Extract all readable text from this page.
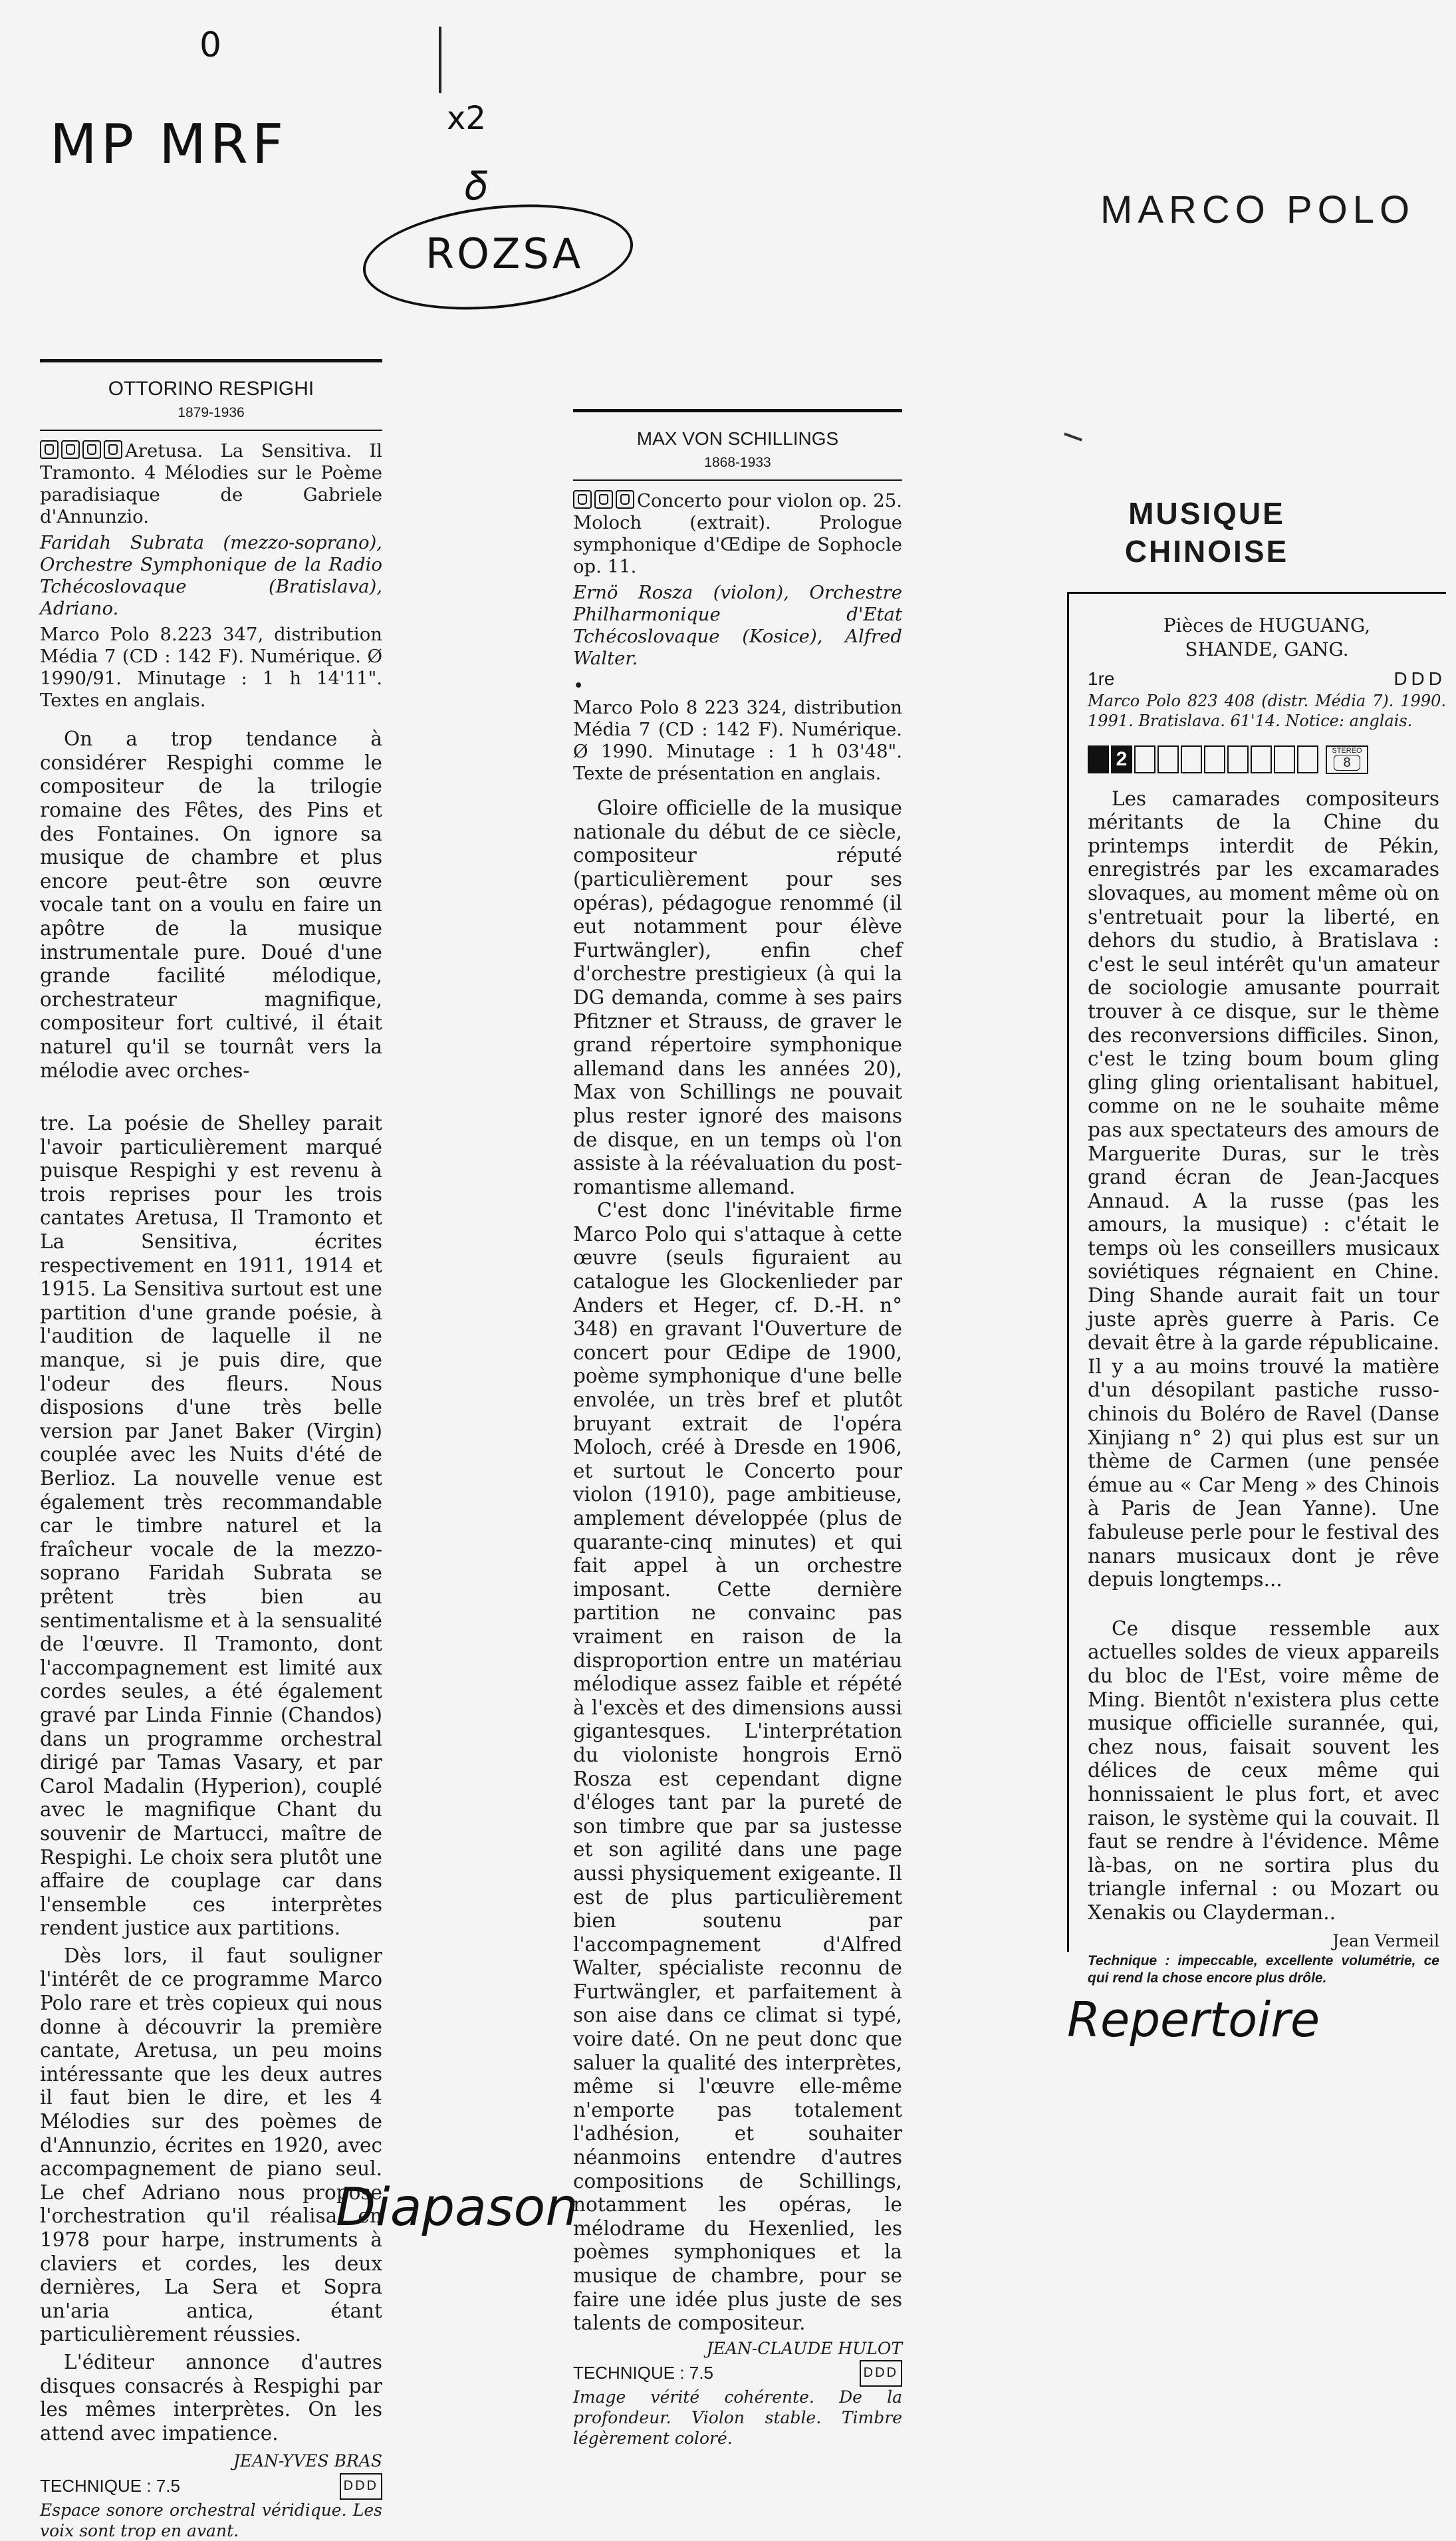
0
MP MRF	x2
𝛿
ROZSA
MARCO POLO
OTTORINO RESPIGHI
1879-1936

Aretusa. La Sensitiva. Il Tramonto. 4 Mélodies sur le Poème paradisiaque de Gabriele d'Annunzio.

Faridah Subrata (mezzo-soprano), Orchestre Symphonique de la Radio Tchécoslovaque (Bratislava), Adriano.

Marco Polo 8.223 347, distribution Média 7 (CD : 142 F). Numérique. Ø 1990/91. Minutage : 1 h 14'11". Textes en anglais.

On a trop tendance à considérer Respighi comme le compositeur de la trilogie romaine des Fêtes, des Pins et des Fontaines. On ignore sa musique de chambre et plus encore peut-être son œuvre vocale tant on a voulu en faire un apôtre de la musique instrumentale pure. Doué d'une grande facilité mélodique, orchestrateur magnifique, compositeur fort cultivé, il était naturel qu'il se tournât vers la mélodie avec orches-

tre. La poésie de Shelley parait l'avoir particulièrement marqué puisque Respighi y est revenu à trois reprises pour les trois cantates Aretusa, Il Tramonto et La Sensitiva, écrites respectivement en 1911, 1914 et 1915. La Sensitiva surtout est une partition d'une grande poésie, à l'audition de laquelle il ne manque, si je puis dire, que l'odeur des fleurs. Nous disposions d'une très belle version par Janet Baker (Virgin) couplée avec les Nuits d'été de Berlioz. La nouvelle venue est également très recommandable car le timbre naturel et la fraîcheur vocale de la mezzo-soprano Faridah Subrata se prêtent très bien au sentimentalisme et à la sensualité de l'œuvre. Il Tramonto, dont l'accompagnement est limité aux cordes seules, a été également gravé par Linda Finnie (Chandos) dans un programme orchestral dirigé par Tamas Vasary, et par Carol Madalin (Hyperion), couplé avec le magnifique Chant du souvenir de Martucci, maître de Respighi. Le choix sera plutôt une affaire de couplage car dans l'ensemble ces interprètes rendent justice aux partitions.

Dès lors, il faut souligner l'intérêt de ce programme Marco Polo rare et très copieux qui nous donne à découvrir la première cantate, Aretusa, un peu moins intéressante que les deux autres il faut bien le dire, et les 4 Mélodies sur des poèmes de d'Annunzio, écrites en 1920, avec accompagnement de piano seul. Le chef Adriano nous propose l'orchestration qu'il réalisa en 1978 pour harpe, instruments à claviers et cordes, les deux dernières, La Sera et Sopra un'aria antica, étant particulièrement réussies.

L'éditeur annonce d'autres disques consacrés à Respighi par les mêmes interprètes. On les attend avec impatience.

JEAN-YVES BRAS
TECHNIQUE : 7.5	DDD

Espace sonore orchestral véridique. Les voix sont trop en avant.

MAX VON SCHILLINGS
1868-1933

Concerto pour violon op. 25. Moloch (extrait). Prologue symphonique d'Œdipe de Sophocle op. 11.

Ernö Rosza (violon), Orchestre Philharmonique d'Etat Tchécoslovaque (Kosice), Alfred Walter.

•

Marco Polo 8 223 324, distribution Média 7 (CD : 142 F). Numérique. Ø 1990. Minutage : 1 h 03'48". Texte de présentation en anglais.

Gloire officielle de la musique nationale du début de ce siècle, compositeur réputé (particulièrement pour ses opéras), pédagogue renommé (il eut notamment pour élève Furtwängler), enfin chef d'orchestre prestigieux (à qui la DG demanda, comme à ses pairs Pfitzner et Strauss, de graver le grand répertoire symphonique allemand dans les années 20), Max von Schillings ne pouvait plus rester ignoré des maisons de disque, en un temps où l'on assiste à la réévaluation du post-romantisme allemand.

C'est donc l'inévitable firme Marco Polo qui s'attaque à cette œuvre (seuls figuraient au catalogue les Glockenlieder par Anders et Heger, cf. D.-H. n° 348) en gravant l'Ouverture de concert pour Œdipe de 1900, poème symphonique d'une belle envolée, un très bref et plutôt bruyant extrait de l'opéra Moloch, créé à Dresde en 1906, et surtout le Concerto pour violon (1910), page ambitieuse, amplement développée (plus de quarante-cinq minutes) et qui fait appel à un orchestre imposant. Cette dernière partition ne convainc pas vraiment en raison de la disproportion entre un matériau mélodique assez faible et répété à l'excès et des dimensions aussi gigantesques. L'interprétation du violoniste hongrois Ernö Rosza est cependant digne d'éloges tant par la pureté de son timbre que par sa justesse et son agilité dans une page aussi physiquement exigeante. Il est de plus particulièrement bien soutenu par l'accompagnement d'Alfred Walter, spécialiste reconnu de Furtwängler, et parfaitement à son aise dans ce climat si typé, voire daté. On ne peut donc que saluer la qualité des interprètes, même si l'œuvre elle-même n'emporte pas totalement l'adhésion, et souhaiter néanmoins entendre d'autres compositions de Schillings, notamment les opéras, le mélodrame du Hexenlied, les poèmes symphoniques et la musique de chambre, pour se faire une idée plus juste de ses talents de compositeur.

JEAN-CLAUDE HULOT
TECHNIQUE : 7.5	DDD

Image vérité cohérente. De la profondeur. Violon stable. Timbre légèrement coloré.

MUSIQUE
CHINOISE
Pièces de HUGUANG, SHANDE, GANG.
1re	DDD

Marco Polo 823 408 (distr. Média 7). 1990. 1991. Bratislava. 61'14. Notice: anglais.

2	STEREO
8

Les camarades compositeurs méritants de la Chine du printemps interdit de Pékin, enregistrés par les excamarades slovaques, au moment même où on s'entretuait pour la liberté, en dehors du studio, à Bratislava : c'est le seul intérêt qu'un amateur de sociologie amusante pourrait trouver à ce disque, sur le thème des reconversions difficiles. Sinon, c'est le tzing boum boum gling gling gling orientalisant habituel, comme on ne le souhaite même pas aux spectateurs des amours de Marguerite Duras, sur le très grand écran de Jean-Jacques Annaud. A la russe (pas les amours, la musique) : c'était le temps où les conseillers musicaux soviétiques régnaient en Chine. Ding Shande aurait fait un tour juste après guerre à Paris. Ce devait être à la garde républicaine. Il y a au moins trouvé la matière d'un désopilant pastiche russo-chinois du Boléro de Ravel (Danse Xinjiang n° 2) qui plus est sur un thème de Carmen (une pensée émue au « Car Meng » des Chinois à Paris de Jean Yanne). Une fabuleuse perle pour le festival des nanars musicaux dont je rêve depuis longtemps...

Ce disque ressemble aux actuelles soldes de vieux appareils du bloc de l'Est, voire même de Ming. Bientôt n'existera plus cette musique officielle surannée, qui, chez nous, faisait souvent les délices de ceux même qui honnissaient le plus fort, et avec raison, le système qui la couvait. Il faut se rendre à l'évidence. Même là-bas, on ne sortira plus du triangle infernal : ou Mozart ou Xenakis ou Clayderman..

Jean Vermeil

Technique : impeccable, excellente volumétrie, ce qui rend la chose encore plus drôle.

Repertoire
Diapason
